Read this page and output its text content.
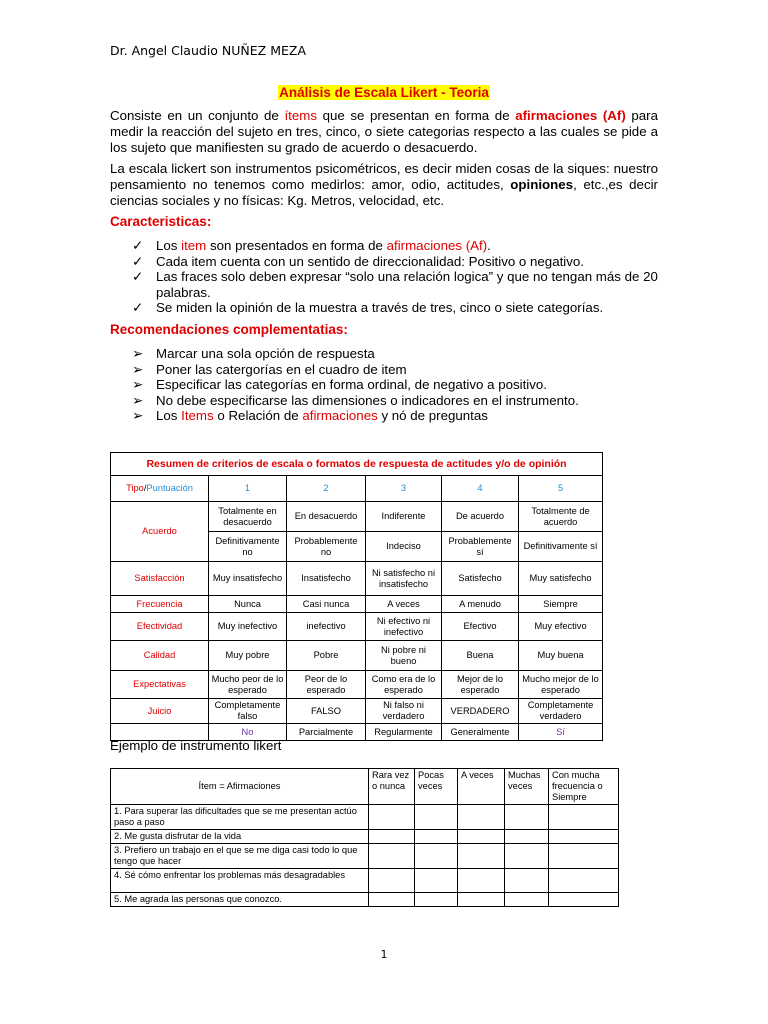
Dr. Angel Claudio NUÑEZ MEZA
Análisis de Escala Likert - Teoria
Consiste en un conjunto de ítems que se presentan en forma de afirmaciones (Af) para medir la reacción del sujeto en tres, cinco, o siete categorias respecto a las cuales se pide a los sujeto que manifiesten su grado de acuerdo o desacuerdo.
La escala lickert son instrumentos psicométricos, es decir miden cosas de la siques: nuestro pensamiento no tenemos como medirlos: amor, odio, actitudes, opiniones, etc.,es decir ciencias sociales y no físicas: Kg. Metros, velocidad, etc.
Caracteristicas:
✓ Los item son presentados en forma de afirmaciones (Af).
✓ Cada item cuenta con un sentido de direccionalidad: Positivo o negativo.
✓ Las fraces solo deben expresar “solo una relación logica” y que no tengan más de 20 palabras.
✓ Se miden la opinión de la muestra a través de tres, cinco o siete categorías.
Recomendaciones complementatias:
➢ Marcar una sola opción de respuesta
➢ Poner las catergorías en el cuadro de item
➢ Especificar las categorías en forma ordinal, de negativo a positivo.
➢ No debe especificarse las dimensiones o indicadores en el instrumento.
➢ Los Items o Relación de afirmaciones y nó de preguntas
Resumen de criterios de escala o formatos de respuesta de actitudes y/o de opinión					
Tipo/Puntuación	1	2	3	4	5
Acuerdo	Totalmente en desacuerdo	En desacuerdo	Indiferente	De acuerdo	Totalmente de acuerdo
	Definitivamente no	Probablemente no	Indeciso	Probablemente sí	Definitivamente sí
Satisfacción	Muy insatisfecho	Insatisfecho	Ni satisfecho ni insatisfecho	Satisfecho	Muy satisfecho
Frecuencia	Nunca	Casi nunca	A veces	A menudo	Siempre
Efectividad	Muy inefectivo	inefectivo	Ni efectivo ni inefectivo	Efectivo	Muy efectivo
Calidad	Muy pobre	Pobre	Ni pobre ni bueno	Buena	Muy buena
Expectativas	Mucho peor de lo esperado	Peor de lo esperado	Como era de lo esperado	Mejor de lo esperado	Mucho mejor de lo esperado
Juicio	Completamente falso	FALSO	Ni falso ni verdadero	VERDADERO	Completamente verdadero
	No	Parcialmente	Regularmente	Generalmente	Sí
Ejemplo de instrumento likert
Ítem = Afirmaciones	Rara vez o nunca	Pocas veces	A veces	Muchas veces	Con mucha frecuencia o Siempre
1. Para superar las dificultades que se me presentan actúo paso a paso					
2. Me gusta disfrutar de la vida					
3. Prefiero un trabajo en el que se me diga casi todo lo que tengo que hacer					
4. Sé cómo enfrentar los problemas más desagradables					
5. Me agrada las personas que conozco.					
1
